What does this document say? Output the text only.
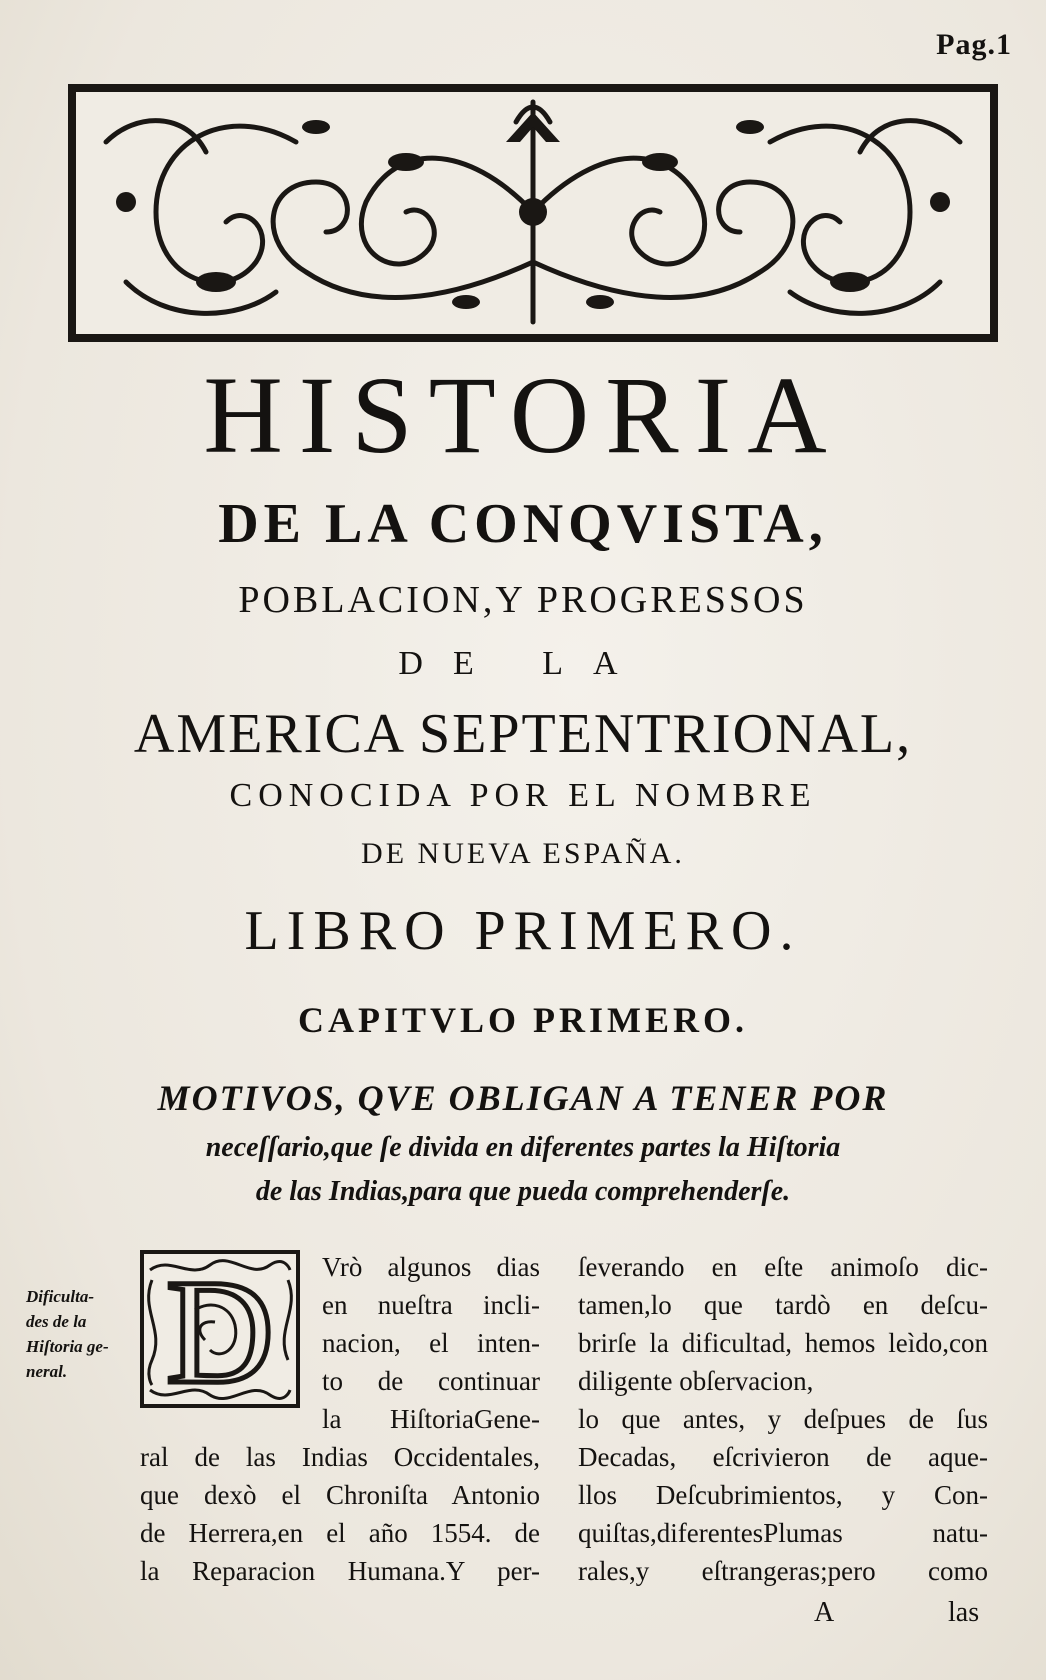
Pag.1
HISTORIA
DE LA CONQVISTA,
POBLACION,Y PROGRESSOS
DE LA
AMERICA SEPTENTRIONAL,
CONOCIDA POR EL NOMBRE
DE NUEVA ESPAÑA.
LIBRO PRIMERO.
CAPITVLO PRIMERO.
MOTIVOS, QVE OBLIGAN A TENER POR
neceſſario,que ſe divida en diferentes partes la Hiſtoria
de las Indias,para que pueda comprehenderſe.
Dificulta-
des de la
Hiſtoria ge-
neral. D Vrò algunos dias
en nueſtra incli-
nacion, el inten-
to de continuar
la HiſtoriaGene-
ral de las Indias Occidentales,
que dexò el Chroniſta Antonio
de Herrera,en el año 1554. de
la Reparacion Humana.Y per-
ſeverando en eſte animoſo dic-
tamen,lo que tardò en deſcu-
brirſe la dificultad, hemos leìdo,con diligente obſervacion,
lo que antes, y deſpues de ſus
Decadas, eſcrivieron de aque-
llos Deſcubrimientos, y Con-
quiſtas,diferentesPlumas natu-
rales,y eſtrangeras;pero como
A	las
